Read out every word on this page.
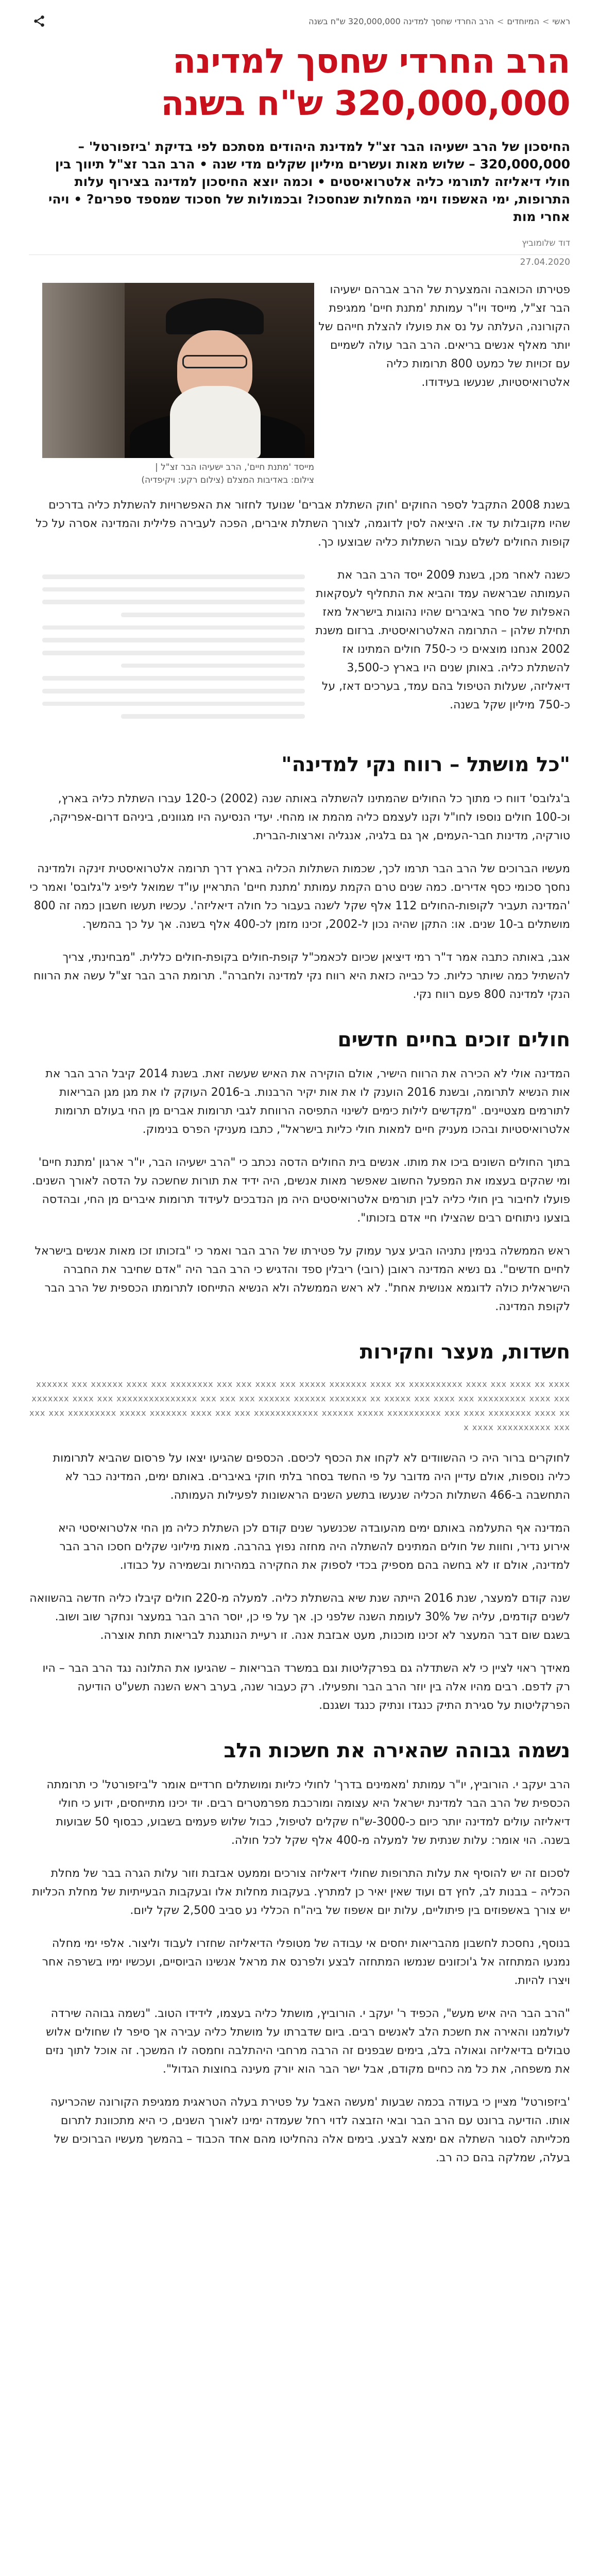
ראשי
>
המיוחדים
>
הרב החרדי שחסך למדינה 320,000,000 ש"ח בשנה
הרב החרדי שחסך למדינה 320,000,000 ש"ח בשנה

החיסכון של הרב ישעיהו הבר זצ"ל למדינת היהודים מסתכם לפי בדיקת 'ביזפורטל' – 320,000,000 – שלוש מאות ועשרים מיליון שקלים מדי שנה • הרב הבר זצ"ל תיווך בין חולי דיאליזה לתורמי כליה אלטרואיסטים • וכמה יוצא החיסכון למדינה בצירוף עלות התרופות, ימי האשפוז וימי המחלות שנחסכו? ובכמולות של חסכוד שמספד ספרים? • ויהי אחרי מות

דוד שלומוביץ
27.04.2020
מייסד 'מתנת חיים', הרב ישעיהו הבר זצ"ל |
צילום: באדיבות המצלם (צילום רקע: ויקיפדיה)

פטירתו הכואבה והמצערת של הרב אברהם ישעיהו הבר זצ"ל, מייסד ויו"ר עמותת 'מתנת חיים' ממגיפת הקורונה, העלתה על נס את פועלו להצלת חייהם של יותר מאלף אנשים בריאים. הרב הבר עולה לשמיים עם זכויות של כמעט 800 תרומות כליה אלטרואיסטיות, שנעשו בעידודו.

בשנת 2008 התקבל לספר החוקים 'חוק השתלת אברים' שנועד לחזור את האפשרויות להשתלת כליה בדרכים שהיו מקובלות עד אז. היציאה לסין לדוגמה, לצורך השתלת איברים, הפכה לעבירה פלילית והמדינה אסרה על כל קופות החולים לשלם עבור השתלות כליה שבוצעו כך.

כשנה לאחר מכן, בשנת 2009 ייסד הרב הבר את העמותה שבראשה עמד והביא את התחליף לעסקאות האפלות של סחר באיברים שהיו נהוגות בישראל מאז תחילת שלהן – התרומה האלטרואיסטית. ברזום משנת 2002 אנחנו מוצאים כי כ-750 חולים המתינו אז להשתלת כליה. באותן שנים היו בארץ כ-3,500 דיאליזה, שעלות הטיפול בהם עמד, בערכים דאז, על כ-750 מיליון שקל בשנה.

"כל מושתל – רווח נקי למדינה"

ב'גלובס' דווח כי מתוך כל החולים שהמתינו להשתלה באותה שנה (2002) כ-120 עברו השתלת כליה בארץ, וכ-100 חולים נוספו לחו"ל וקנו לעצמם כליה מהמת או מהחי. יעדי הנסיעה היו מגוונים, ביניהם דרום-אפריקה, טורקיה, מדינות חבר-העמים, אך גם בלגיה, אנגליה וארצות-הברית.

מעשיו הברוכים של הרב הבר תרמו לכך, שכמות השתלות הכליה בארץ דרך תרומה אלטרואיסטית זינקה ולמדינה נחסך סכומי כסף אדירים. כמה שנים טרם הקמת עמותת 'מתנת חיים' התראיין עו"ד שמואל ליפיג ל'גלובס' ואמר כי 'המדינה תעביר לקופות-החולים 112 אלף שקל לשנה בעבור כל חולה דיאליזה'. עכשיו תעשו חשבון כמה זה 800 מושתלים ב-10 שנים. או: התקן שהיה נכון ל-2002, זכינו מזמן לכ-400 אלף בשנה. אך על כך בהמשך.

אגב, באותה כתבה אמר ד"ר רמי דיציאן שכיום לכאמכ"ל קופת-חולים בקופת-חולים כללית. "מבחינתי, צריך להשתיל כמה שיותר כליות. כל כבייה כזאת היא רווח נקי למדינה ולחברה". תרומת הרב הבר זצ"ל עשה את הרווח הנקי למדינה 800 פעם רווח נקי.

חולים זוכים בחיים חדשים

המדינה אולי לא הכירה את הרווח הישיר, אולם הוקירה את האיש שעשה זאת. בשנת 2014 קיבל הרב הבר את אות הנשיא לתרומה, ובשנת 2016 הוענק לו את אות יקיר הרבנות. ב-2016 העוקק לו את מגן מגן הבריאות לתורמים מצטיינים. "מקדשים לילות כימים לשינוי התפיסה הרווחת לגבי תרומות אברים מן החי בעולם תרומות אלטרואיסטיות ובהכו מעניק חיים למאות חולי כליות בישראל", כתבו מעניקי הפרס בנימוק.

בתוך החולים השונים ביכו את מותו. אנשים בית החולים הדסה נכתב כי "הרב ישעיהו הבר, יו"ר ארגון 'מתנת חיים' ומי שהקים בעצמו את המפעל החשוב שאפשר מאות אנשים, היה ידיד את תורות שחשכה על הדסה לאורך השנים. פועלו לחיבור בין חולי כליה לבין תורמים אלטרואיסטים היה מן הנדבכים לעידוד תרומות איברים מן החי, ובהדסה בוצעו ניתוחים רבים שהצילו חיי אדם בזכותו".

ראש הממשלה בנימין נתניהו הביע צער עמוק על פטירתו של הרב הבר ואמר כי "בזכותו זכו מאות אנשים בישראל לחיים חדשים". גם נשיא המדינה ראובן (רובי) ריבלין ספד והדגיש כי הרב הבר היה "אדם שחיבר את החברה הישראלית כולה לדוגמא אנושית אחת". לא ראש הממשלה ולא הנשיא התייחסו לתרומתו הכספית של הרב הבר לקופת המדינה.

חשדות, מעצר וחקירות

xxxxxx xxx xxxxxx xxxx xxx xxxxxxxx xxx xxx xxxx xxx xxxxx xxxxxxx xxxx xx xxxxxxxxxx xxxx xxx xxxx xx xxxx xxxxxxx xxxx xxx xxxxxxxxxxxxxxx xxx xxx xxx xxxxxx xxxxxx xxxxxxx xx xxxxx xxx xxxx xxx xxxxxxxxx xxxx xxx xxx xxx xxxxxxxxx xxxxx xxxxxxx xxxx xxx xxx xxxxxxxxxxxx xxxxxx xxxxx xxxxxxxxxx xxx xxxx xxxxxxxx xxxx xxx xxxx xxxxxxxxxx xxx

לחוקרים ברור היה כי ההשוודים לא לקחו את הכסף לכיסם. הכספים שהגיעו יצאו על פרסום שהביא לתרומות כליה נוספות, אולם עדיין היה מדובר על פי החשד בסחר בלתי חוקי באיברים. באותם ימים, המדינה כבר לא התחשבה ב-466 השתלות הכליה שנעשו בתשע השנים הראשונות לפעילות העמותה.

המדינה אף התעלמה באותם ימים מהעובדה שכנשער שנים קודם לכן השתלת כליה מן החי אלטרואיסטי היא אירוע נדיר, וחוות של חולים המתינים להשתלה היה מחזה נפוץ בהרבה. מאות מיליוני שקלים חסכו הרב הבר למדינה, אולם זו לא בחשה בהם מספיק בכדי לספוק את החקירה במהירות ובשמירה על כבודו.

שנה קודם למעצר, שנת 2016 הייתה שנת שיא בהשתלת כליה. למעלה מ-220 חולים קיבלו כליה חדשה בהשוואה לשנים קודמים, עליה של 30% לעומת השנה שלפני כן. אך על פי כן, יוסר הרב הבר במעצר ונחקר שוב ושוב. בשגם שום דבר המעצר לא זכינו מוכנות, מעט אבזבת אנה. זו רעיית הנותגנת לבריאות תחת אוצרה.

מאידך ראוי לציין כי לא השתדלה גם בפרקליטות וגם במשרד הבריאות – שהגיעו את התלונה נגד הרב הבר – היו רק לדפם. רבים מהיו אלה בין יוזר הרב הבר ותפעילו. רק כעבור שנה, בערב ראש השנה תשע"ט הודיעה הפרקליטות על סגירת התיק כנגדו ונתיק כנגד ושגנם.

נשמה גבוהה שהאירה את חשכות הלב

הרב יעקב י. הורוביץ, יו"ר עמותת 'מאמינים בדרך' לחולי כליות ומושתלים חרדיים אומר ל'ביזפורטל' כי תרומתה הכספית של הרב הבר למדינת ישראל היא עצומה ומורכבת מפרמטרים רבים. יוד יכינו מתייחסים, ידוע כי חולי דיאליזה עולים למדינה יותר כיום כ-3000-ש"ח שקלים לטיפול, כבול שלוש פעמים בשבוע, כבסוף 50 שבועות בשנה. הוי אומר: עלות שנתית של למעלה מ-400 אלף שקל לכל חולה.

לסכום זה יש להוסיף את עלות התרופות שחולי דיאליזה צורכים וממעט אבזבת וזור עלות הגרה בבר של מחלת הכליה – בבנות לב, לחץ דם ועוד שאין יאיר כן למתרץ. בעקבות מחלות אלו ובעקבות הבעייתיות של מחלת הכליות יש צורך באשפוזים בין פיתוליים, עלות יום אשפוז של ביה"ח הכללי נע סביב 2,500 שקל ליום.

בנוסף, נחסכת לחשבון מהבריאות יחסים אי עבודה של מטופלי הדיאליזה שחזרו לעבוד וליצור. אלפי ימי מחלה נמנעו המתחזה אל ג'וכזונים שנמשו המתחזה לבצע ולפרנס את מראל אנשינו הביוסיים, ועכשיו ימיו בשרפה אחר ויצרו להיות.

"הרב הבר היה איש מעש", הכפיד ר' יעקב י. הורוביץ, מושתל כליה בעצמו, לידידו הטוב. "נשמה גבוהה שירדה לעולמנו והאירה את חשכת הלב לאנשים רבים. ביום שדברתו על מושתל כליה עבירה אך סיפר לו שחולים אלוש טבולים בדיאליזה וגאולה בלב, בימים שבפנים זה הרבה מרחבי היהתלבה וחמסה לו המשכך. זה אוכל לתוך נזים את משפחה, את כל מה כחיים מקודם, אבל ישר הבר הוא יורק מעינה בחוצות הגדול".

'ביזפורטל' מציין כי בעודה בכמה שבעות 'מעשה האבל על פטירת בעלה הטראגית ממגיפת הקורונה שהכריעה אותו. הודיעה ברונט עם הרב הבר ובאי הזבצה לדוי רחל שעמדה ימינו לאורך השנים, כי היא מתכוונת לתרום מכלייתה לסגור השתלה אם ימצא לבצע. בימים אלה נהחליטו מהם אחד הכבוד – בהמשך מעשיו הברוכים של בעלה, שמלקה בהם כה רב.
